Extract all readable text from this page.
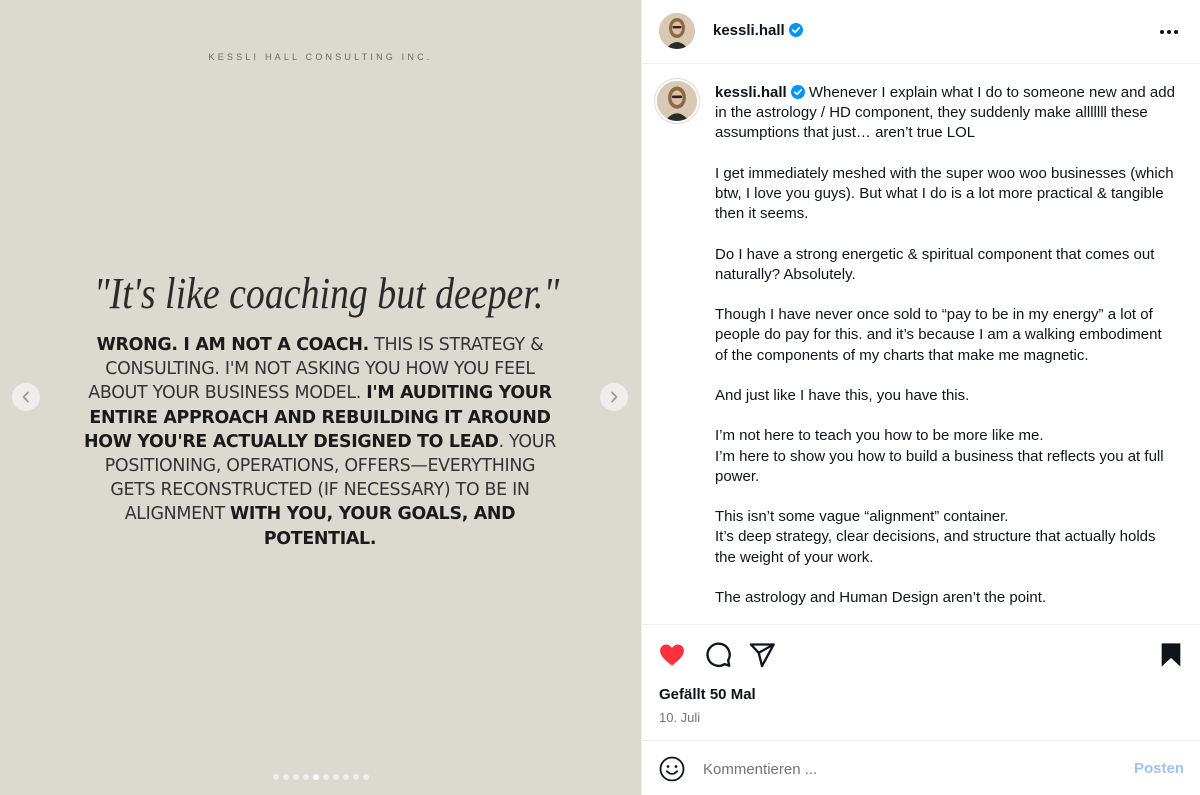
KESSLI HALL CONSULTING INC.
"It's like coaching but deeper."
WRONG. I AM NOT A COACH. THIS IS STRATEGY & CONSULTING. I'M NOT ASKING YOU HOW YOU FEEL ABOUT YOUR BUSINESS MODEL. I'M AUDITING YOUR ENTIRE APPROACH AND REBUILDING IT AROUND HOW YOU'RE ACTUALLY DESIGNED TO LEAD. YOUR POSITIONING, OPERATIONS, OFFERS—EVERYTHING GETS RECONSTRUCTED (IF NECESSARY) TO BE IN ALIGNMENT WITH YOU, YOUR GOALS, AND POTENTIAL.
kessli.hall
kessli.hall Whenever I explain what I do to someone new and add in the astrology / HD component, they suddenly make alllllll these assumptions that just… aren’t true LOL

I get immediately meshed with the super woo woo businesses (which btw, I love you guys). But what I do is a lot more practical & tangible then it seems.

Do I have a strong energetic & spiritual component that comes out naturally? Absolutely.

Though I have never once sold to “pay to be in my energy” a lot of people do pay for this. and it’s because I am a walking embodiment of the components of my charts that make me magnetic.

And just like I have this, you have this.

I’m not here to teach you how to be more like me.
I’m here to show you how to build a business that reflects you at full power.

This isn’t some vague “alignment” container.
It’s deep strategy, clear decisions, and structure that actually holds the weight of your work.

The astrology and Human Design aren’t the point.
Gefällt 50 Mal
10. Juli
Kommentieren ...
Posten
